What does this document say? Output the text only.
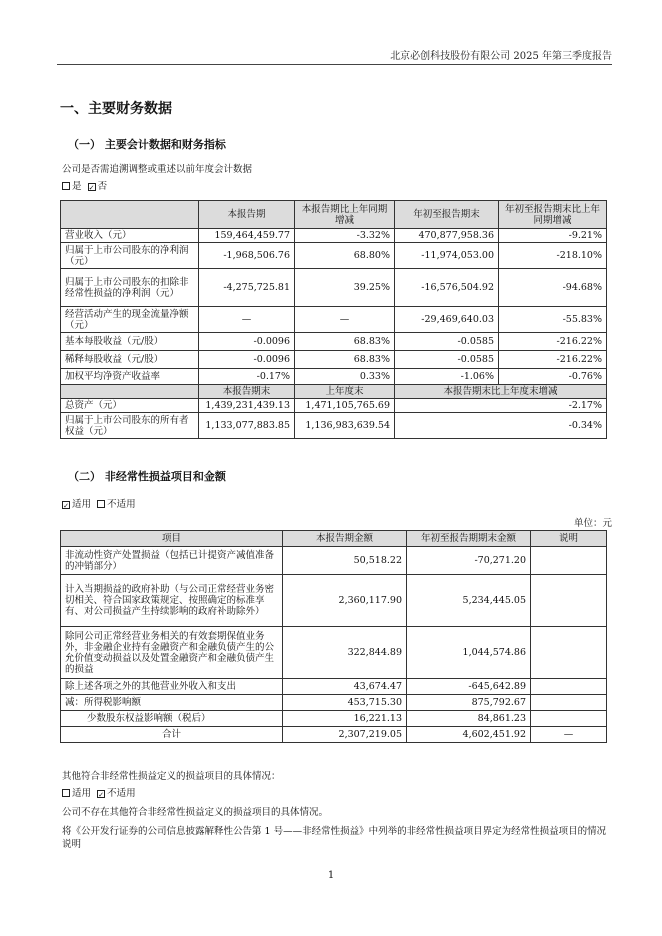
北京必创科技股份有限公司 2025 年第三季度报告
一、主要财务数据
（一） 主要会计数据和财务指标
公司是否需追溯调整或重述以前年度会计数据
是 ✓ 否
	本报告期	本报告期比上年同期增减	年初至报告期末	年初至报告期末比上年同期增减
营业收入（元）	159,464,459.77	-3.32%	470,877,958.36	-9.21%
归属于上市公司股东的净利润（元）	-1,968,506.76	68.80%	-11,974,053.00	-218.10%
归属于上市公司股东的扣除非经常性损益的净利润（元）	-4,275,725.81	39.25%	-16,576,504.92	-94.68%
经营活动产生的现金流量净额（元）	—	—	-29,469,640.03	-55.83%
基本每股收益（元/股）	-0.0096	68.83%	-0.0585	-216.22%
稀释每股收益（元/股）	-0.0096	68.83%	-0.0585	-216.22%
加权平均净资产收益率	-0.17%	0.33%	-1.06%	-0.76%
	本报告期末	上年度末	本报告期末比上年度末增减	
总资产（元）	1,439,231,439.13	1,471,105,765.69	-2.17%	
归属于上市公司股东的所有者权益（元）	1,133,077,883.85	1,136,983,639.54	-0.34%	
（二） 非经常性损益项目和金额
✓ 适用 不适用
单位：元
项目	本报告期金额	年初至报告期期末金额	说明
非流动性资产处置损益（包括已计提资产减值准备的冲销部分）	50,518.22	-70,271.20	
计入当期损益的政府补助（与公司正常经营业务密切相关、符合国家政策规定、按照确定的标准享有、对公司损益产生持续影响的政府补助除外）	2,360,117.90	5,234,445.05	
除同公司正常经营业务相关的有效套期保值业务外，非金融企业持有金融资产和金融负债产生的公允价值变动损益以及处置金融资产和金融负债产生的损益	322,844.89	1,044,574.86	
除上述各项之外的其他营业外收入和支出	43,674.47	-645,642.89	
减：所得税影响额	453,715.30	875,792.67	
少数股东权益影响额（税后）	16,221.13	84,861.23	
合计	2,307,219.05	4,602,451.92	—
其他符合非经常性损益定义的损益项目的具体情况：
适用 ✓ 不适用
公司不存在其他符合非经常性损益定义的损益项目的具体情况。
将《公开发行证券的公司信息披露解释性公告第 1 号——非经常性损益》中列举的非经常性损益项目界定为经常性损益项目的情况说明
1
